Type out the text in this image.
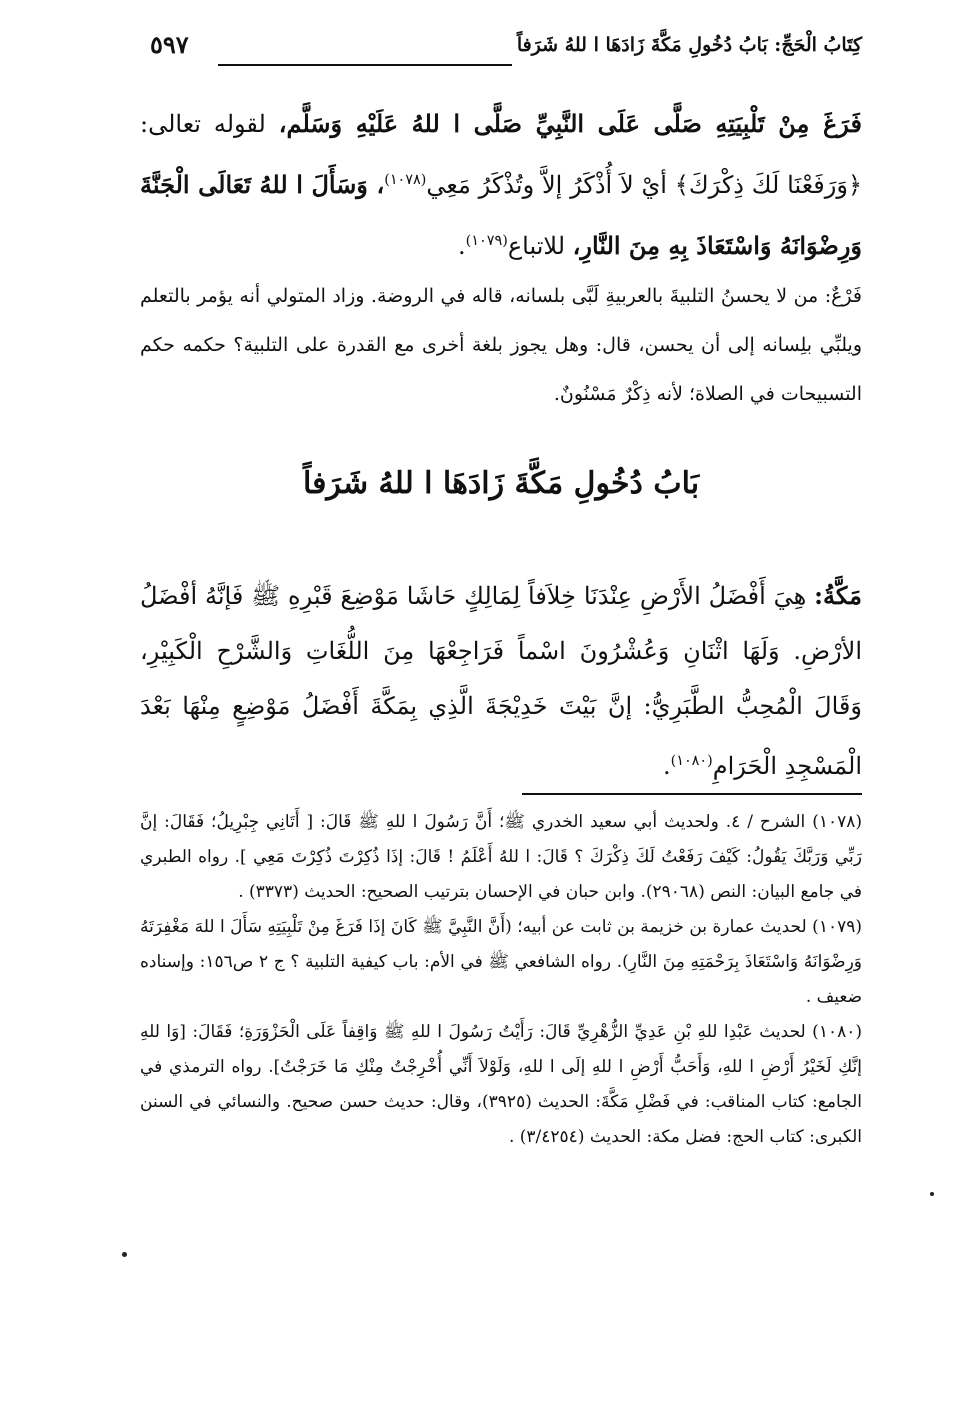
كِتَابُ الْحَجِّ: بَابُ دُخُولِ مَكَّةَ زَادَهَا ا للهُ شَرَفاً
٥٩٧
فَرَغَ مِنْ تَلْبِيَتِهِ صَلَّى عَلَى النَّبِيِّ صَلَّى ا للهُ عَلَيْهِ وَسَلَّم، لقوله تعالى: ﴿وَرَفَعْنَا لَكَ ذِكْرَكَ﴾ أيْ لاَ أُذْكَرُ إلاَّ وتُذْكَرُ مَعِي$^{(١٠٧٨)}$، وَسَأَلَ ا للهُ تَعَالَى الْجَنَّةَ وَرِضْوَانَهُ وَاسْتَعَاذَ بِهِ مِنَ النَّارِ، للاتباع$^{(١٠٧٩)}$.
فَرْعٌ: من لا يحسنُ التلبيةَ بالعربيةِ لَبَّى بلسانه، قاله في الروضة. وزاد المتولي أنه يؤمر بالتعلم ويلبِّي بلِسانه إلى أن يحسن، قال: وهل يجوز بلغة أخرى مع القدرة على التلبية؟ حكمه حكم التسبيحات في الصلاة؛ لأنه ذِكْرٌ مَسْنُونٌ.
بَابُ دُخُولِ مَكَّةَ زَادَهَا ا للهُ شَرَفاً
مَكَّةُ: هِيَ أَفْضَلُ الأَرْضِ عِنْدَنَا خِلاَفاً لِمَالِكٍ حَاشَا مَوْضِعَ قَبْرِهِ ﷺ فَإنَّهُ أفْضَلُ الأرْضِ. وَلَهَا اثْنَانِ وَعُشْرُونَ اسْماً فَرَاجِعْهَا مِنَ اللُّغَاتِ وَالشَّرْحِ الْكَبِيْرِ، وَقَالَ الْمُحِبُّ الطَّبَرِيُّ: إنَّ بَيْتَ خَدِيْجَةَ الَّذِي بِمَكَّةَ أَفْضَلُ مَوْضِعٍ مِنْهَا بَعْدَ الْمَسْجِدِ الْحَرَامِ$^{(١٠٨٠)}$.

(١٠٧٨) الشرح / ٤. ولحديث أبي سعيد الخدري ﷺ؛ أَنَّ رَسُولَ ا للهِ ﷺ قَالَ: [ أَتَانِي جِبْرِيلُ؛ فَقَالَ: إنَّ رَبِّي وَرَبَّكَ يَقُولُ: كَيْفَ رَفَعْتُ لَكَ ذِكْرَكَ ؟ قَالَ: ا للهُ أَعْلَمُ ! قَالَ: إذَا ذُكِرْتَ ذُكِرْتَ مَعِي ]. رواه الطبري في جامع البيان: النص (٢٩٠٦٨). وابن حبان في الإحسان بترتيب الصحيح: الحديث (٣٣٧٣) .

(١٠٧٩) لحديث عمارة بن خزيمة بن ثابت عن أبيه؛ (أَنَّ النَّبِيَّ ﷺ كَانَ إذَا فَرَغَ مِنْ تَلْبِيَتِهِ سَأَلَ ا للهَ مَغْفِرَتَهُ وَرِضْوَانَهُ وَاسْتَعَاذَ بِرَحْمَتِهِ مِنَ النَّارِ). رواه الشافعي ﷺ في الأم: باب كيفية التلبية ؟ ج ٢ ص١٥٦: وإسناده ضعيف .

(١٠٨٠) لحديث عَبْدِا للهِ بْنِ عَدِيِّ الزُّهْرِيِّ قَالَ: رَأَيْتُ رَسُولَ ا للهِ ﷺ وَاقِفاً عَلَى الْحَزْوَرَةِ؛ فَقَالَ: [وَا للهِ إنَّكِ لَخَيْرُ أَرْضِ ا للهِ، وَأَحَبُّ أَرْضِ ا للهِ إلَى ا للهِ، وَلَوْلاَ أَنِّي أُخْرِجْتُ مِنْكِ مَا خَرَجْتُ]. رواه الترمذي في الجامع: كتاب المناقب: في فَضْلِ مَكَّةَ: الحديث (٣٩٢٥)، وقال: حديث حسن صحيح. والنسائي في السنن الكبرى: كتاب الحج: فضل مكة: الحديث (٣/٤٢٥٤) .
